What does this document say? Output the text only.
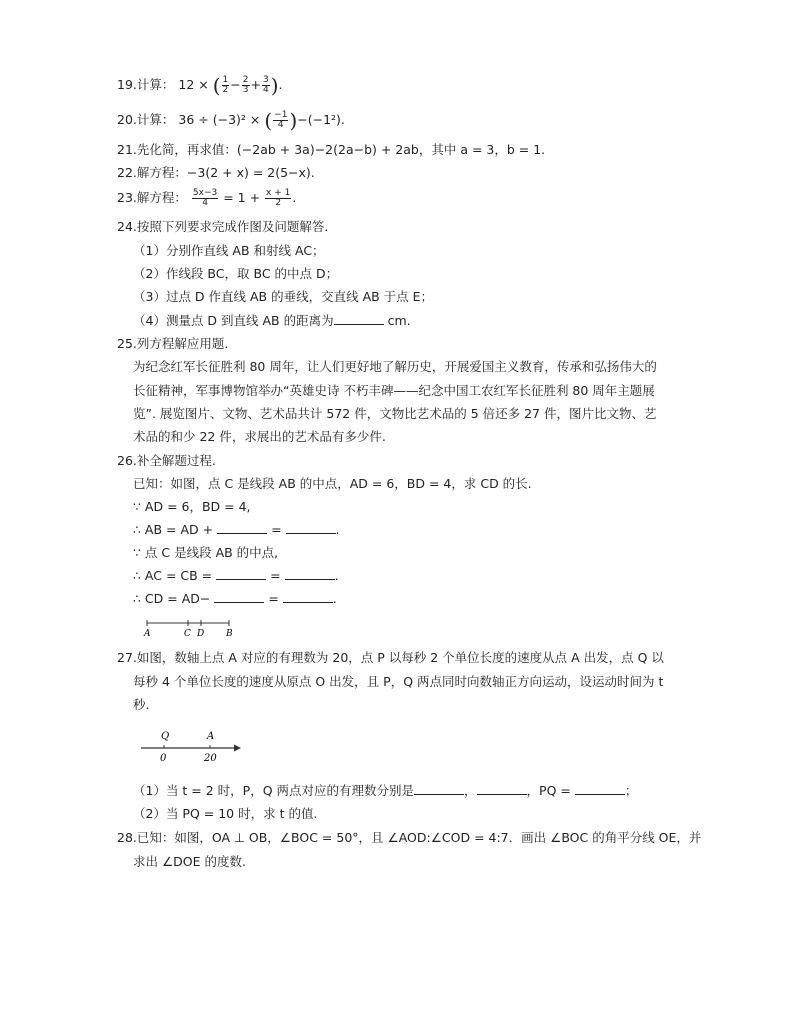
19.计算： 12 × ( $\frac{1}{2} - \frac{2}{3} + \frac{3}{4}$ ).
20.计算： 36 ÷ (−3)² × ( $\frac{-1}{4} )-(-1^2)$.
21.先化简，再求值：(−2ab + 3a)−2(2a−b) + 2ab，其中 a = 3，b = 1.
22.解方程：−3(2 + x) = 2(5−x).
23.解方程： $\frac{5x-3}{4} = 1 + \frac{x + 1}{2}$ .
24.按照下列要求完成作图及问题解答.
（1）分别作直线 AB 和射线 AC；
（2）作线段 BC，取 BC 的中点 D；
（3）过点 D 作直线 AB 的垂线，交直线 AB 于点 E；
（4）测量点 D 到直线 AB 的距离为	cm.
25.列方程解应用题.
为纪念红军长征胜利 80 周年，让人们更好地了解历史，开展爱国主义教育，传承和弘扬伟大的
长征精神，军事博物馆举办“英雄史诗 不朽丰碑——纪念中国工农红军长征胜利 80 周年主题展
览”. 展览图片、文物、艺术品共计 572 件，文物比艺术品的 5 倍还多 27 件，图片比文物、艺
术品的和少 22 件，求展出的艺术品有多少件.
26.补全解题过程.
已知：如图，点 C 是线段 AB 的中点，AD = 6，BD = 4，求 CD 的长.
∵ AD = 6，BD = 4,
∴ AB = AD +	=	.
∵ 点 C 是线段 AB 的中点,
∴ AC = CB =	=	.
∴ CD = AD−	=	.
A	C D B
27.如图，数轴上点 A 对应的有理数为 20，点 P 以每秒 2 个单位长度的速度从点 A 出发，点 Q 以
每秒 4 个单位长度的速度从原点 O 出发，且 P，Q 两点同时向数轴正方向运动，设运动时间为 t
秒.
Q	A
0	20
（1）当 t = 2 时，P，Q 两点对应的有理数分别是	，	，PQ =	；
（2）当 PQ = 10 时，求 t 的值.
28.已知：如图，OA ⊥ OB，∠BOC = 50°，且 ∠AOD:∠COD = 4:7．画出 ∠BOC 的角平分线 OE，并
求出 ∠DOE 的度数.
